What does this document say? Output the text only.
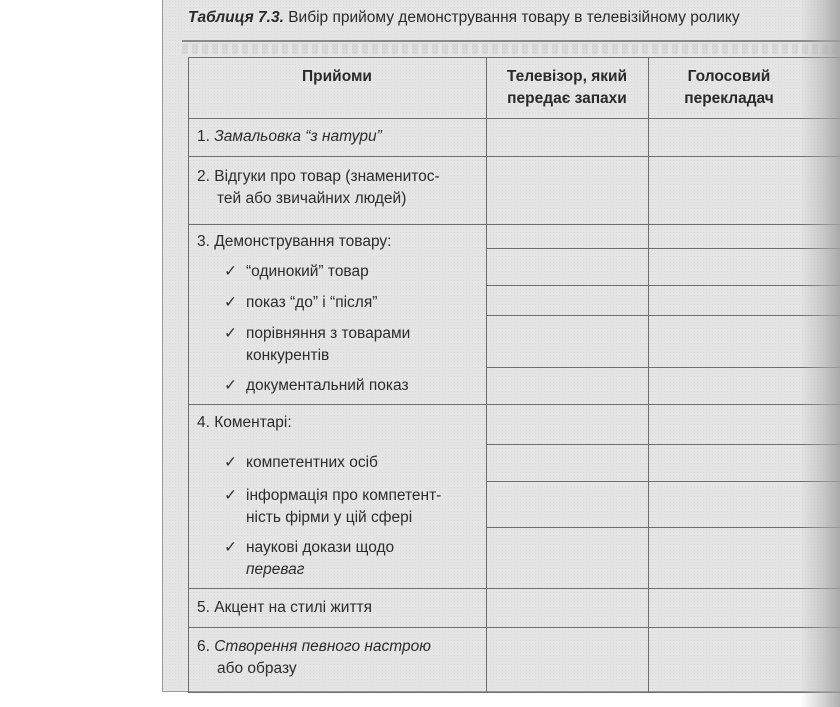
Таблиця 7.3. Вибір прийому демонстрування товару в телевізійному ролику
Прийоми	Телевізор, який
передає запахи
Голосовий
перекладач
1. Замальовка “з натури”
2. Відгуки про товар (знаменитос-
тей або звичайних людей)
3. Демонстрування товару:
✓ “одинокий” товар
✓ показ “до” і “після”
✓ порівняння з товарами
конкурентів
✓ документальний показ
4. Коментарі:
✓ компетентних осіб
✓ інформація про компетент-
ність фірми у цій сфері
✓ наукові докази щодо
переваг
5. Акцент на стилі життя
6. Створення певного настрою
або образу
